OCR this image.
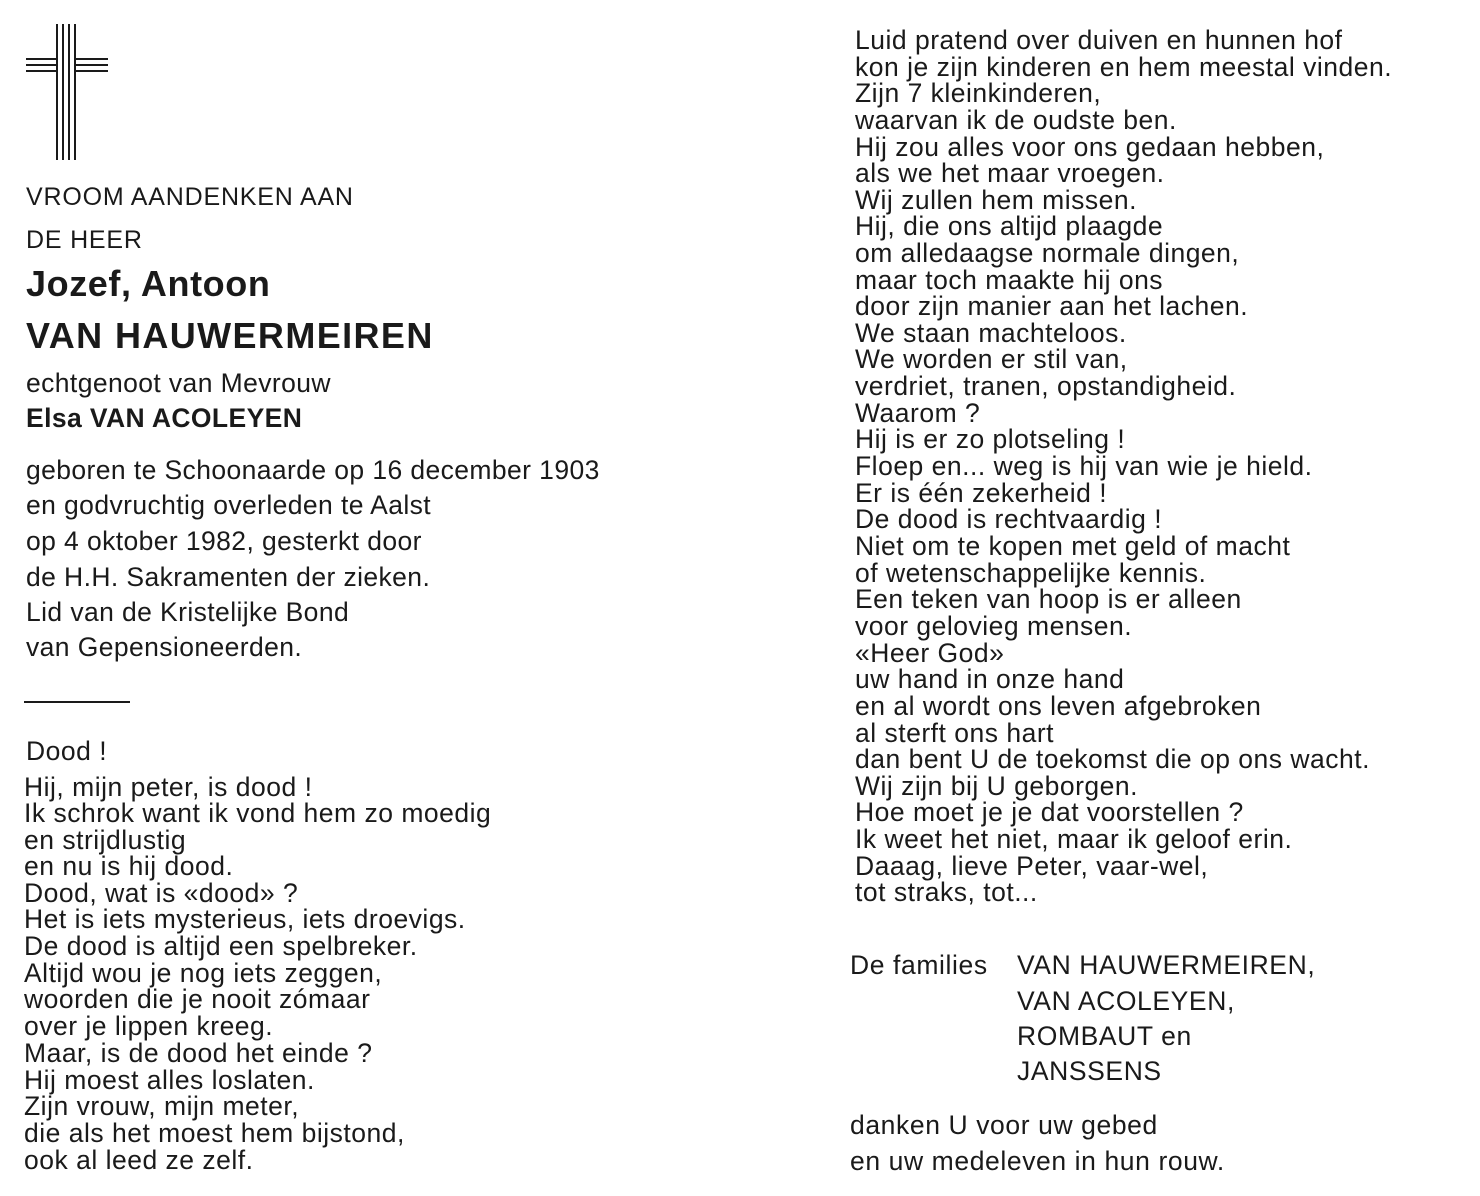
VROOM AANDENKEN AAN
DE HEER
Jozef, Antoon
VAN HAUWERMEIREN
echtgenoot van Mevrouw
Elsa VAN ACOLEYEN
geboren te Schoonaarde op 16 december 1903
en godvruchtig overleden te Aalst
op 4 oktober 1982, gesterkt door
de H.H. Sakramenten der zieken.
Lid van de Kristelijke Bond
van Gepensioneerden.
Dood !
Hij, mijn peter, is dood !
Ik schrok want ik vond hem zo moedig
en strijdlustig
en nu is hij dood.
Dood, wat is «dood» ?
Het is iets mysterieus, iets droevigs.
De dood is altijd een spelbreker.
Altijd wou je nog iets zeggen,
woorden die je nooit zómaar
over je lippen kreeg.
Maar, is de dood het einde ?
Hij moest alles loslaten.
Zijn vrouw, mijn meter,
die als het moest hem bijstond,
ook al leed ze zelf.
Luid pratend over duiven en hunnen hof
kon je zijn kinderen en hem meestal vinden.
Zijn 7 kleinkinderen,
waarvan ik de oudste ben.
Hij zou alles voor ons gedaan hebben,
als we het maar vroegen.
Wij zullen hem missen.
Hij, die ons altijd plaagde
om alledaagse normale dingen,
maar toch maakte hij ons
door zijn manier aan het lachen.
We staan machteloos.
We worden er stil van,
verdriet, tranen, opstandigheid.
Waarom ?
Hij is er zo plotseling !
Floep en... weg is hij van wie je hield.
Er is één zekerheid !
De dood is rechtvaardig !
Niet om te kopen met geld of macht
of wetenschappelijke kennis.
Een teken van hoop is er alleen
voor gelovieg mensen.
«Heer God»
uw hand in onze hand
en al wordt ons leven afgebroken
al sterft ons hart
dan bent U de toekomst die op ons wacht.
Wij zijn bij U geborgen.
Hoe moet je je dat voorstellen ?
Ik weet het niet, maar ik geloof erin.
Daaag, lieve Peter, vaar-wel,
tot straks, tot...
De families VAN HAUWERMEIREN,
VAN ACOLEYEN,
ROMBAUT en
JANSSENS
danken U voor uw gebed
en uw medeleven in hun rouw.
